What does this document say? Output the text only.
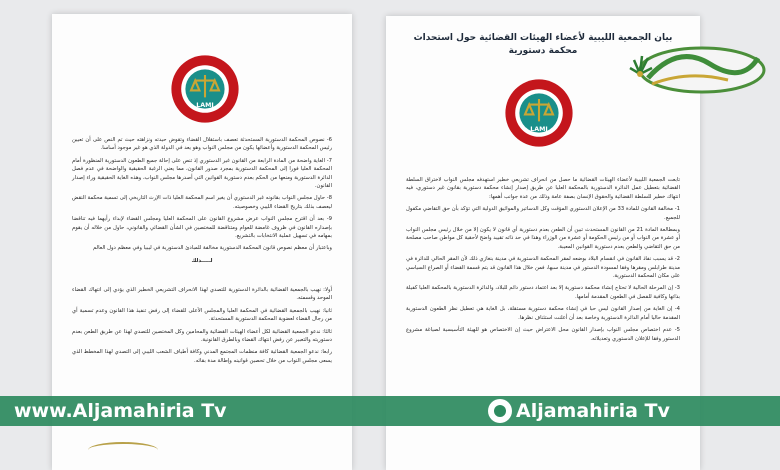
LAMJ

6- نصوص المحكمة الدستورية المستحدثة تعصف باستقلال القضاء وتقوض حيدته ونزاهته حيث تم النص على أن تعيين رئيس المحكمة الدستورية وأعضائها يكون من مجلس النواب وهو يعد في الدولة الذي هو غير موجود أساسا.

7- الغاية واضحة من المادة الرابعة من القانون غير الدستوري إذ تنص على إحالة جميع الطعون الدستورية المنظورة أمام المحكمة العليا فورا إلى المحكمة الدستورية بمجرد صدور القانون، مما يعني الرغبة الحقيقية والواضحة في عدم فصل الدائرة الدستورية ومنعها من الحكم بعدم دستورية القوانين التي أصدرها مجلس النواب، وهذه الغاية الحقيقية وراء إصدار القانون.

8- حاول مجلس النواب بقانونه غير الدستوري أن يغير اسم المحكمة العليا ذات الإرث التاريخي إلى تسمية محكمة النقض ليعصف بذلك بتاريخ القضاء الليبي وخصوصيته.

9- بعد أن اقترح مجلس النواب عرض مشروع القانون على المحكمة العليا ومجلس القضاء لإبداء رأيهما فيه تناقضا بإصداره القانون في ظروف غامضة للعوام ومتناقضة للمختصين في الشأن القضائي والقانوني، حاول من خلاله أن يقوم بمهامه في تسهيل عملية الانتخابات بالتشريع.

وباعتبار أن معظم نصوص قانون المحكمة الدستورية مخالفة للمبادئ الدستورية في ليبيا وفي معظم دول العالم

لـــــذلك

أولا: نهيب بالجمعية القضائية بالدائرة الدستورية للتصدي لهذا الانحراف التشريعي الخطير الذي يؤدي إلى انتهاك القضاء الموحد وقسمته.

ثانيا: نهيب بالجمعية القضائية في المحكمة العليا والمجلس الأعلى للقضاء إلى رفض تنفيذ هذا القانون وعدم تسمية أي من رجال القضاء لعضوية المحكمة الدستورية المستحدثة.

ثالثا: ندعو الجمعية القضائية لكل أعضاء الهيئات القضائية والمحامين وكل المختصين للتصدي لهذا عن طريق الطعن بعدم دستوريته والتعبير عن رفض انتهاك القضاء وبالطرق القانونية.

رابعا: ندعو الجمعية القضائية كافة منظمات المجتمع المدني وكافة أطياف الشعب الليبي إلى التصدي لهذا المخطط الذي يسعى مجلس النواب من خلال تحصين قوانينه وإطالة مدة بقائه.

بيان الجمعية الليبية لأعضاء الهيئات القضائية حول استحداث محكمة دستورية
LAMJ

تابعت الجمعية الليبية لأعضاء الهيئات القضائية ما حصل من انحراف تشريعي خطير استهدفه مجلس النواب لاختراق السلطة القضائية بتعطيل عمل الدائرة الدستورية بالمحكمة العليا عن طريق إصدار إنشاء محكمة دستورية بقانون غير دستوري، فيه انتهاك خطير للسلطة القضائية والحقوق الإنسان بصفة عامة وذلك من عدة جوانب أهمها:

1- مخالفة القانون للمادة 33 من الإعلان الدستوري المؤقت وكل الدساتير والمواثيق الدولية التي تؤكد بأن حق التقاضي مكفول للجميع.

وبمطالعة المادة 21 من القانون المستحدث تبين أن الطعن بعدم دستورية أي قانون لا يكون إلا من خلال رئيس مجلس النواب أو عشرة من النواب أو من رئيس الحكومة أو عشرة من الوزراء وهذا في حد ذاته تقييد واضح لأحقية كل مواطن صاحب مصلحة من حق التقاضي والطعن بعدم دستورية القوانين المعيبة.

2- قد يسبب نفاذ القانون في انقسام البلاد بوضعه لمقر المحكمة الدستورية في مدينة بنغازي ذلك لأن المقر الحالي للدائرة في مدينة طرابلس ومقرها وفقا لمسودة الدستور في مدينة سبها، فمن خلال هذا القانون قد يتم قسمة القضاء أو الصراع السياسي على مكان المحكمة الدستورية.

3- إن المرحلة الحالية لا تحتاج إنشاء محكمة دستورية إلا بعد اعتماد دستور دائم للبلاد، والدائرة الدستورية بالمحكمة العليا كفيلة بذاتها وكافية للفصل في الطعون المقدمة أمامها.

4- إن الغاية من إصدار القانون ليس حبا في إنشاء محكمة دستورية مستقلة، بل الغاية هي تعطيل نظر الطعون الدستورية المقدمة حاليا أمام الدائرة الدستورية وخاصة بعد أن أعلنت استئناف نظرها.

5- عدم اختصاص مجلس النواب بإصدار القانون محل الاعتراض حيث إن الاختصاص هو للهيئة التأسيسية لصياغة مشروع الدستور وفقا للإعلان الدستوري وتعديلاته.

www.Aljamahiria Tv	Aljamahiria Tv
